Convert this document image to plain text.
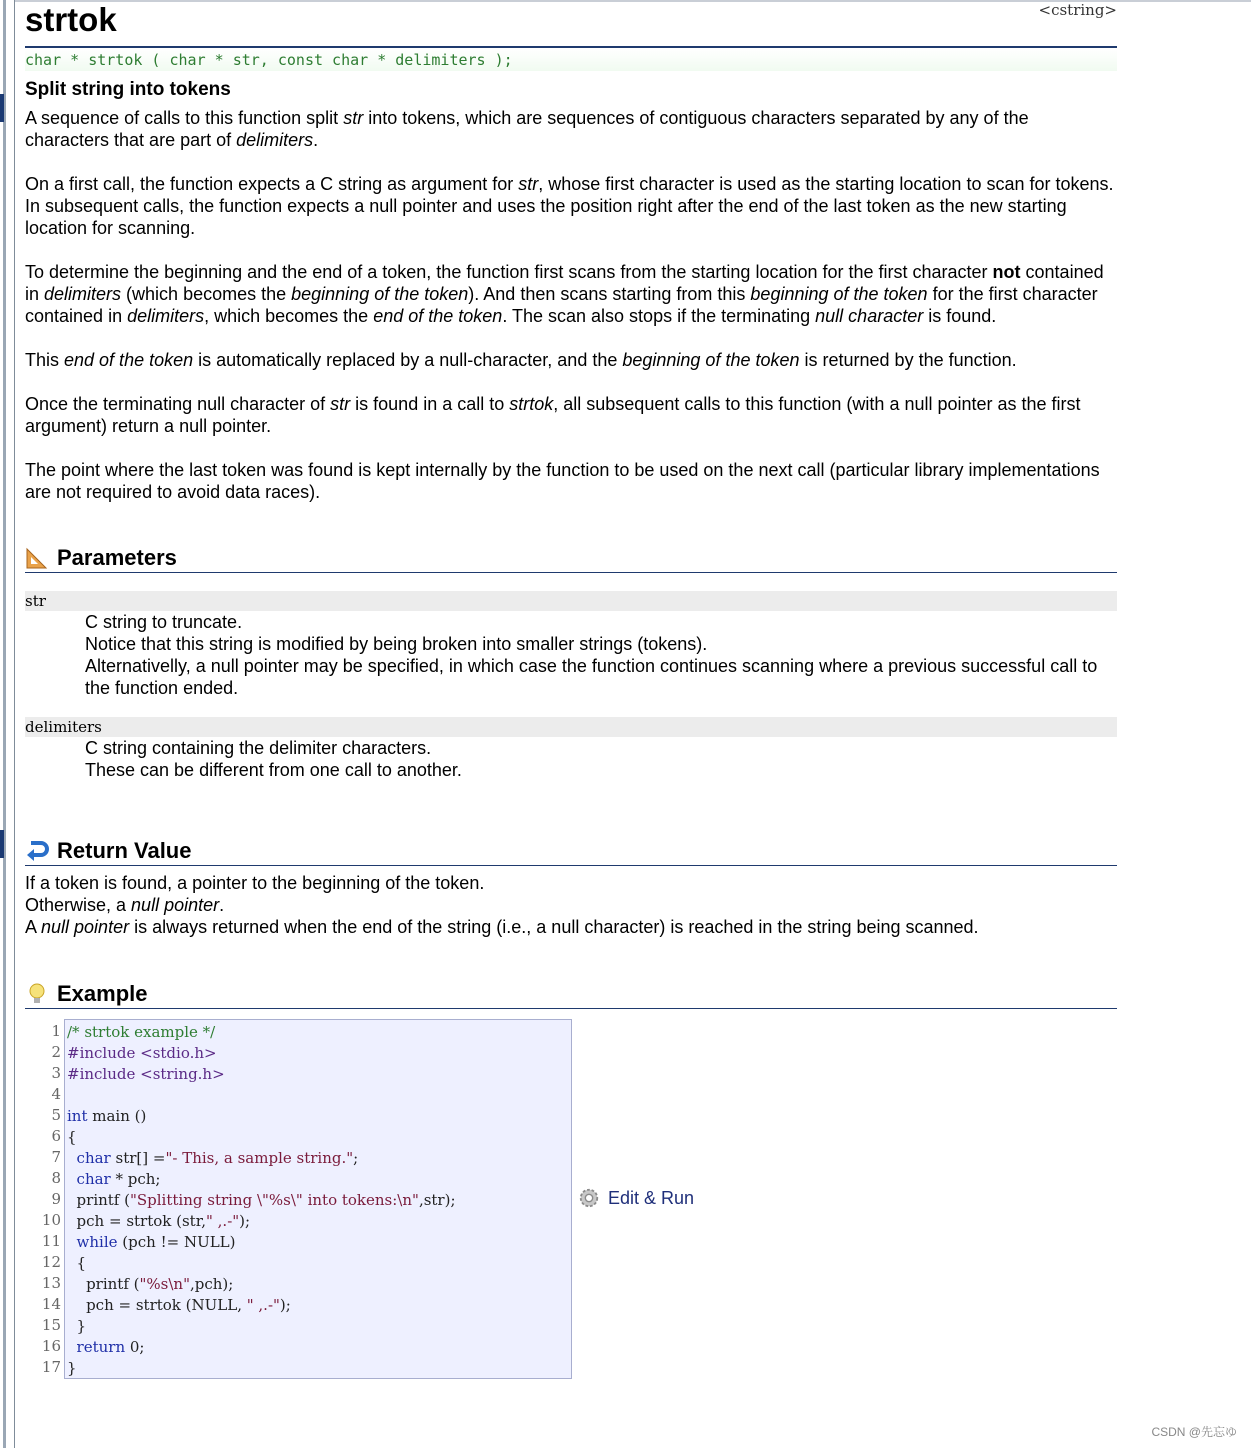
strtok	<cstring>
char * strtok ( char * str, const char * delimiters );
Split string into tokens

A sequence of calls to this function split str into tokens, which are sequences of contiguous characters separated by any of the characters that are part of delimiters.

On a first call, the function expects a C string as argument for str, whose first character is used as the starting location to scan for tokens. In subsequent calls, the function expects a null pointer and uses the position right after the end of the last token as the new starting location for scanning.

To determine the beginning and the end of a token, the function first scans from the starting location for the first character not contained in delimiters (which becomes the beginning of the token). And then scans starting from this beginning of the token for the first character contained in delimiters, which becomes the end of the token. The scan also stops if the terminating null character is found.

This end of the token is automatically replaced by a null-character, and the beginning of the token is returned by the function.

Once the terminating null character of str is found in a call to strtok, all subsequent calls to this function (with a null pointer as the first argument) return a null pointer.

The point where the last token was found is kept internally by the function to be used on the next call (particular library implementations are not required to avoid data races).

Parameters
str
C string to truncate.
Notice that this string is modified by being broken into smaller strings (tokens).
Alternativelly, a null pointer may be specified, in which case the function continues scanning where a previous successful call to the function ended.
delimiters
C string containing the delimiter characters.
These can be different from one call to another.
Return Value
If a token is found, a pointer to the beginning of the token.
Otherwise, a null pointer.
A null pointer is always returned when the end of the string (i.e., a null character) is reached in the string being scanned.
Example
1
2
3
4
5
6
7
8
9
10
11
12
13
14
15
16
17
/* strtok example */
#include <stdio.h>
#include <string.h>

int main ()
{
char str[] ="- This, a sample string.";
char * pch;
printf ("Splitting string \"%s\" into tokens:\n",str);
pch = strtok (str," ,.-");
while (pch != NULL)
{
printf ("%s\n",pch);
pch = strtok (NULL, " ,.-");
}
return 0;
}
Edit & Run
CSDN @先忘ゆ
